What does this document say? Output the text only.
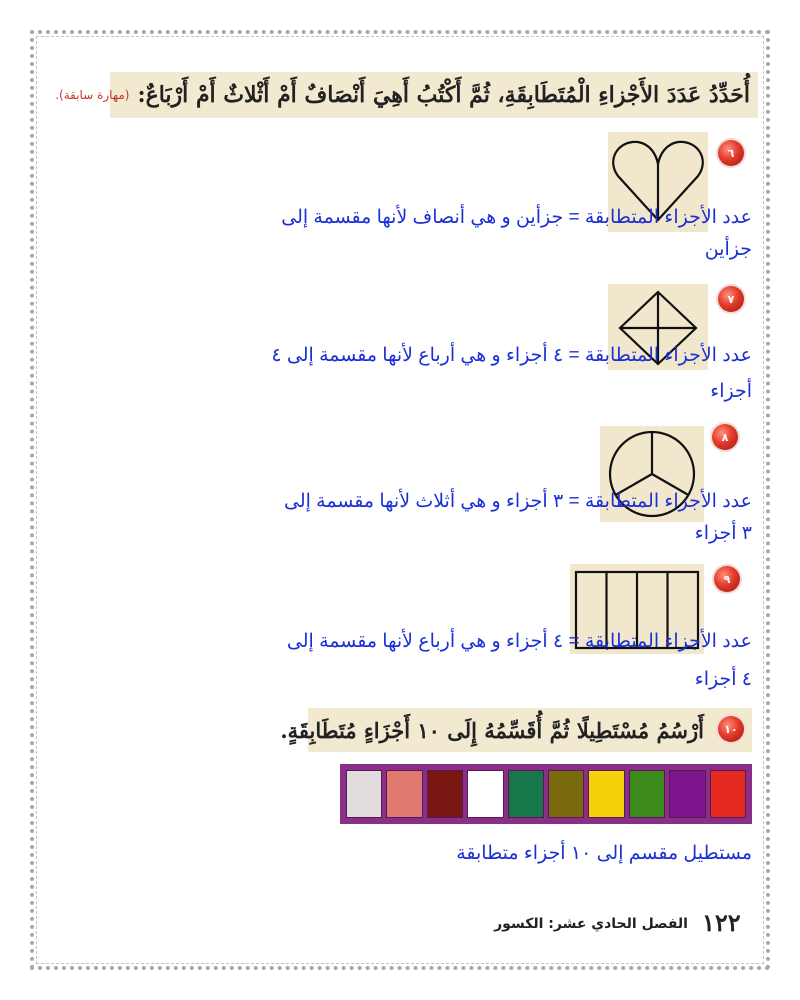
أُحَدِّدُ عَدَدَ الأَجْزاءِ الْمُتَطَابِقَةِ، ثُمَّ أَكْتُبُ أَهِيَ أَنْصَافٌ أَمْ أَثْلاثٌ أَمْ أَرْبَاعٌ:
(مهارة سابقة).
٦
عدد الأجزاء المتطابقة = جزأين و هي أنصاف لأنها مقسمة إلى
جزأين
٧
عدد الأجزاء المتطابقة = ٤ أجزاء و هي أرباع لأنها مقسمة إلى ٤
أجزاء
٨
عدد الأجزاء المتطابقة = ٣ أجزاء و هي أثلاث لأنها مقسمة إلى
٣ أجزاء
٩
عدد الأجزاء المتطابقة = ٤ أجزاء و هي أرباع لأنها مقسمة إلى
٤ أجزاء
أَرْسُمُ مُسْتَطِيلًا ثُمَّ أُقَسِّمُهُ إِلَى ١٠ أَجْزَاءٍ مُتَطَابِقَةٍ.	١٠
مستطيل مقسم إلى ١٠ أجزاء متطابقة
١٢٢
الفصل الحادي عشر: الكسور
